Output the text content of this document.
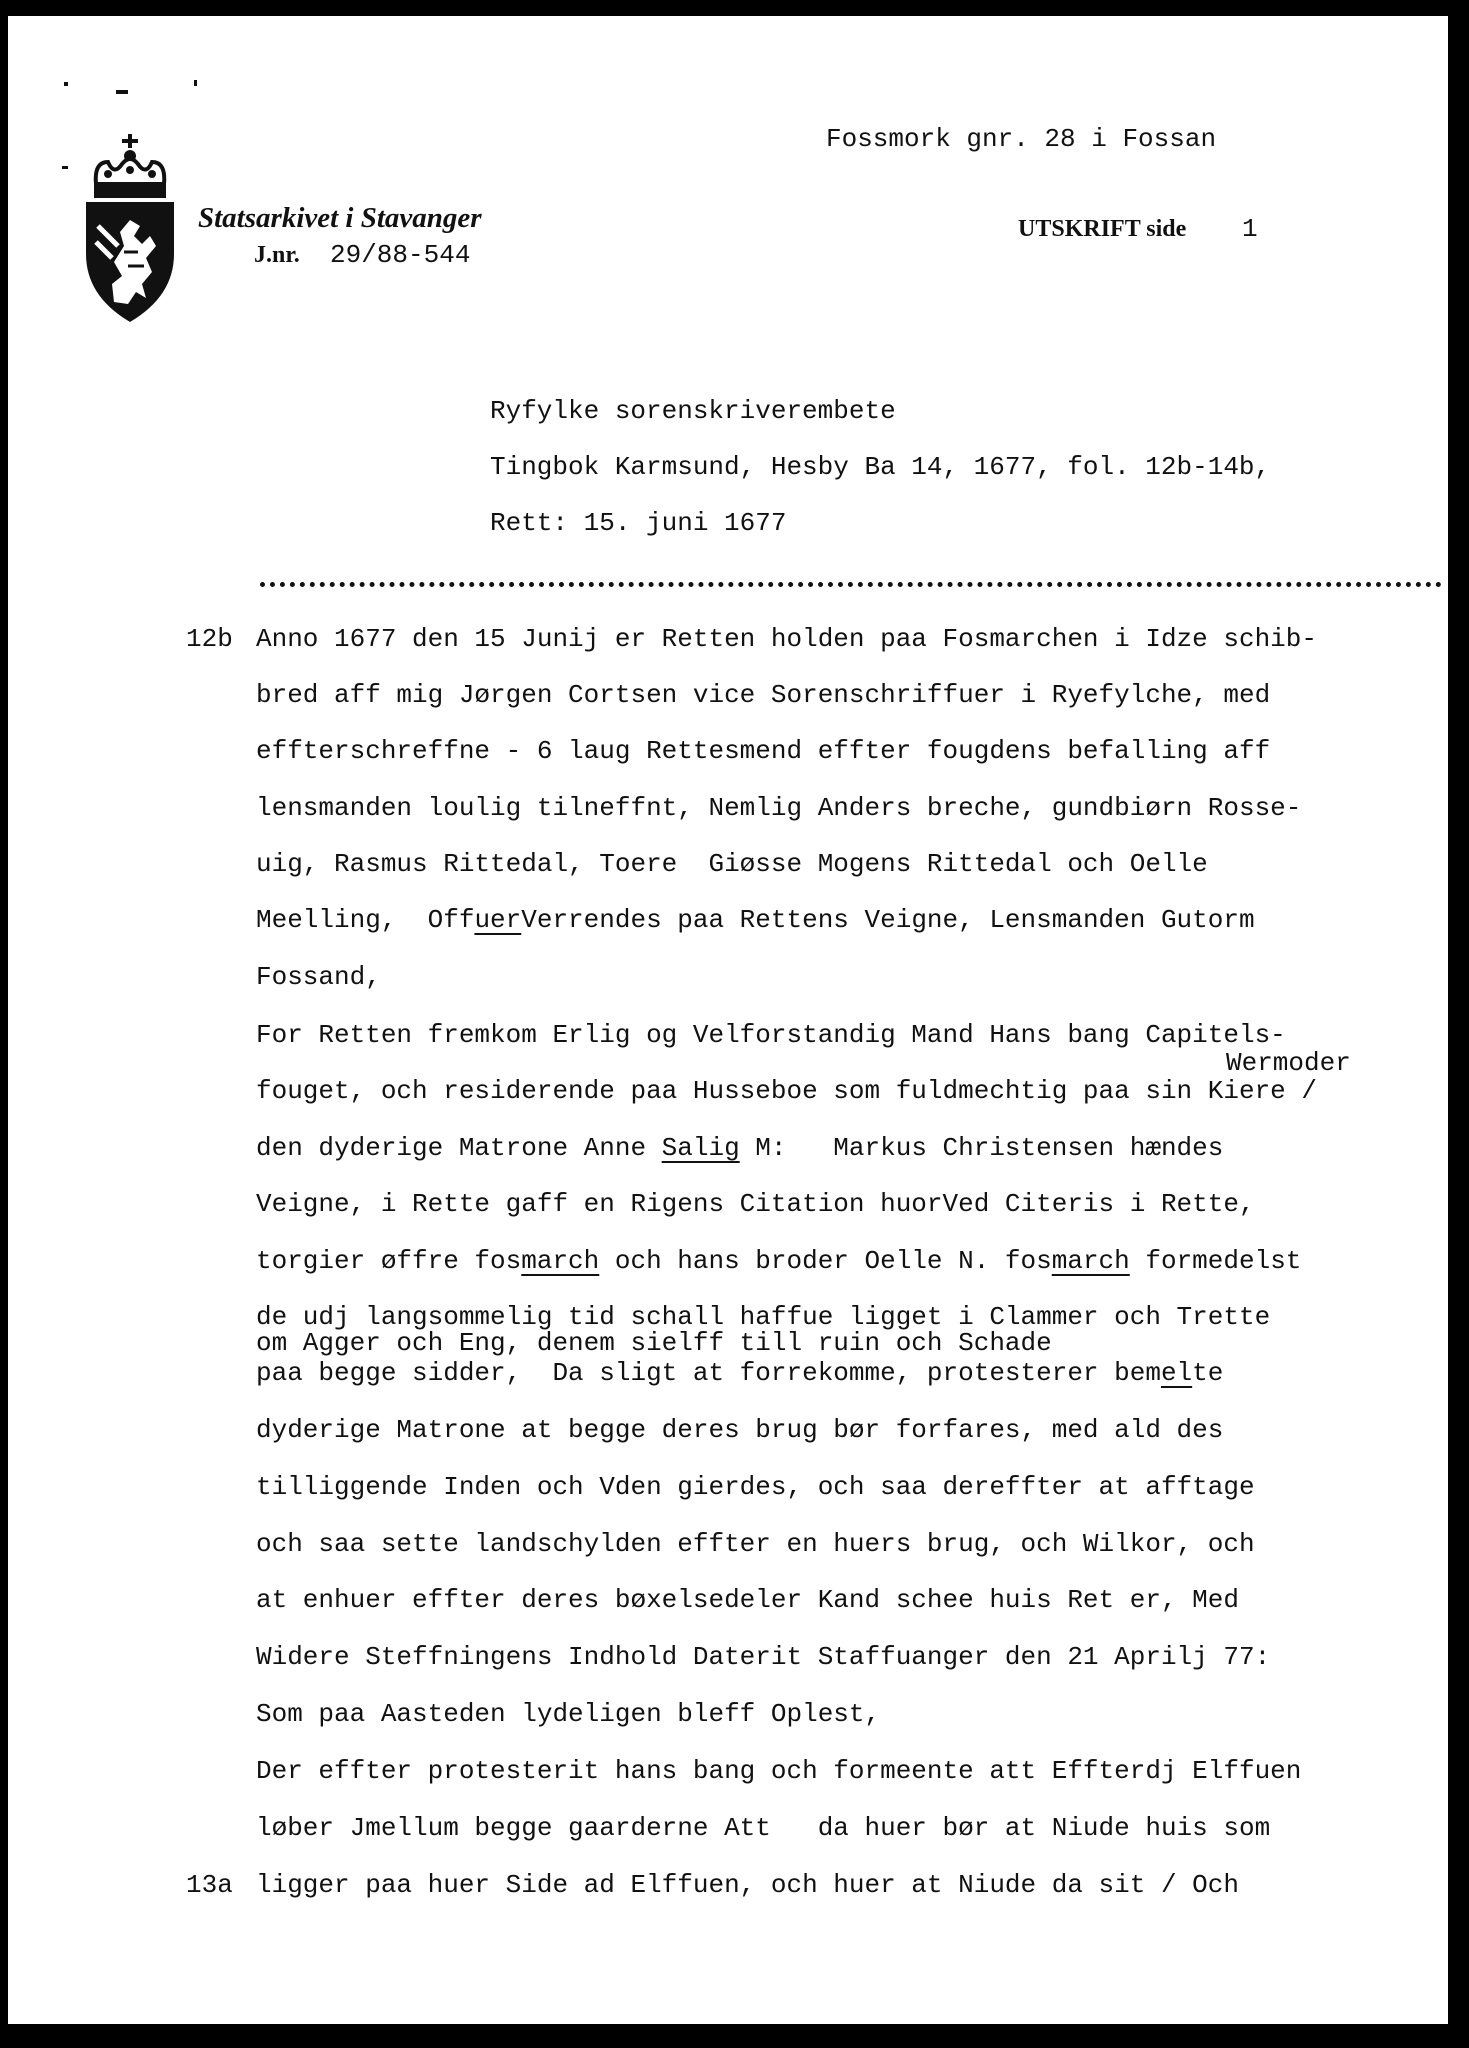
Statsarkivet i Stavanger
J.nr. 29/88-544
Fossmork gnr. 28 i Fossan
UTSKRIFT side 1
Ryfylke sorenskriverembete
Tingbok Karmsund, Hesby Ba 14, 1677, fol. 12b-14b,
Rett: 15. juni 1677
12b
13a
Anno 1677 den 15 Junij er Retten holden paa Fosmarchen i Idze schib-
bred aff mig Jørgen Cortsen vice Sorenschriffuer i Ryefylche, med
effterschreffne - 6 laug Rettesmend effter fougdens befalling aff
lensmanden loulig tilneffnt, Nemlig Anders breche, gundbiørn Rosse-
uig, Rasmus Rittedal, Toere  Giøsse Mogens Rittedal och Oelle
Meelling,  OffuerVerrendes paa Rettens Veigne, Lensmanden Gutorm
Fossand,
For Retten fremkom Erlig og Velforstandig Mand Hans bang Capitels-
Wermoder
fouget, och residerende paa Husseboe som fuldmechtig paa sin Kiere /
den dyderige Matrone Anne Salig M:   Markus Christensen hændes
Veigne, i Rette gaff en Rigens Citation huorVed Citeris i Rette,
torgier øffre fosmarch och hans broder Oelle N. fosmarch formedelst
de udj langsommelig tid schall haffue ligget i Clammer och Trette
om Agger och Eng, denem sielff till ruin och Schade
paa begge sidder,  Da sligt at forrekomme, protesterer bemelte
dyderige Matrone at begge deres brug bør forfares, med ald des
tilliggende Inden och Vden gierdes, och saa dereffter at afftage
och saa sette landschylden effter en huers brug, och Wilkor, och
at enhuer effter deres bøxelsedeler Kand schee huis Ret er, Med
Widere Steffningens Indhold Daterit Staffuanger den 21 Aprilj 77:
Som paa Aasteden lydeligen bleff Oplest,
Der effter protesterit hans bang och formeente att Effterdj Elffuen
løber Jmellum begge gaarderne Att   da huer bør at Niude huis som
ligger paa huer Side ad Elffuen, och huer at Niude da sit / Och
